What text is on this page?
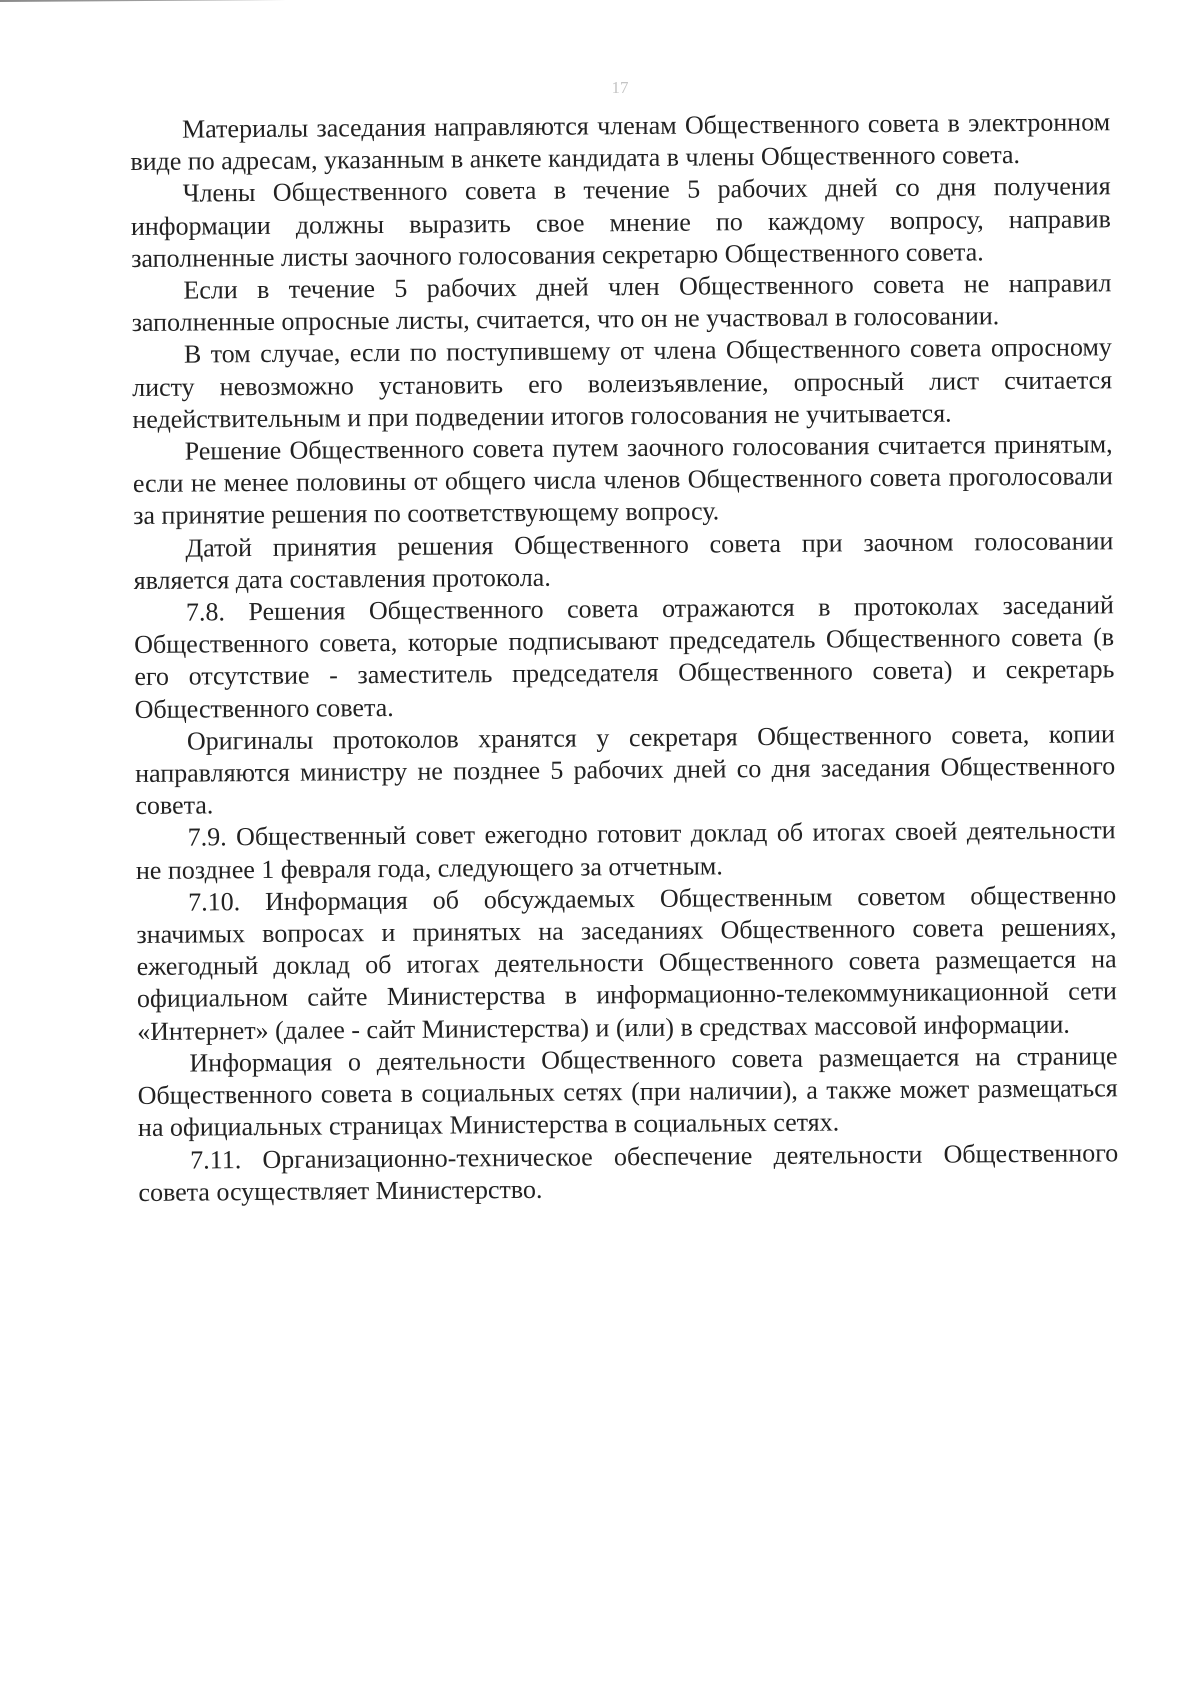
17

Материалы заседания направляются членам Общественного совета в электронном виде по адресам, указанным в анкете кандидата в члены Общественного совета.

Члены Общественного совета в течение 5 рабочих дней со дня получения информации должны выразить свое мнение по каждому вопросу, направив заполненные листы заочного голосования секретарю Общественного совета.

Если в течение 5 рабочих дней член Общественного совета не направил заполненные опросные листы, считается, что он не участвовал в голосовании.

В том случае, если по поступившему от члена Общественного совета опросному листу невозможно установить его волеизъявление, опросный лист считается недействительным и при подведении итогов голосования не учитывается.

Решение Общественного совета путем заочного голосования считается принятым, если не менее половины от общего числа членов Общественного совета проголосовали за принятие решения по соответствующему вопросу.

Датой принятия решения Общественного совета при заочном голосовании является дата составления протокола.

7.8. Решения Общественного совета отражаются в протоколах заседаний Общественного совета, которые подписывают председатель Общественного совета (в его отсутствие - заместитель председателя Общественного совета) и секретарь Общественного совета.

Оригиналы протоколов хранятся у секретаря Общественного совета, копии направляются министру не позднее 5 рабочих дней со дня заседания Общественного совета.

7.9. Общественный совет ежегодно готовит доклад об итогах своей деятельности не позднее 1 февраля года, следующего за отчетным.

7.10. Информация об обсуждаемых Общественным советом общественно значимых вопросах и принятых на заседаниях Общественного совета решениях, ежегодный доклад об итогах деятельности Общественного совета размещается на официальном сайте Министерства в информационно-телекоммуникационной сети «Интернет» (далее - сайт Министерства) и (или) в средствах массовой информации.

Информация о деятельности Общественного совета размещается на странице Общественного совета в социальных сетях (при наличии), а также может размещаться на официальных страницах Министерства в социальных сетях.

7.11. Организационно-техническое обеспечение деятельности Общественного совета осуществляет Министерство.
